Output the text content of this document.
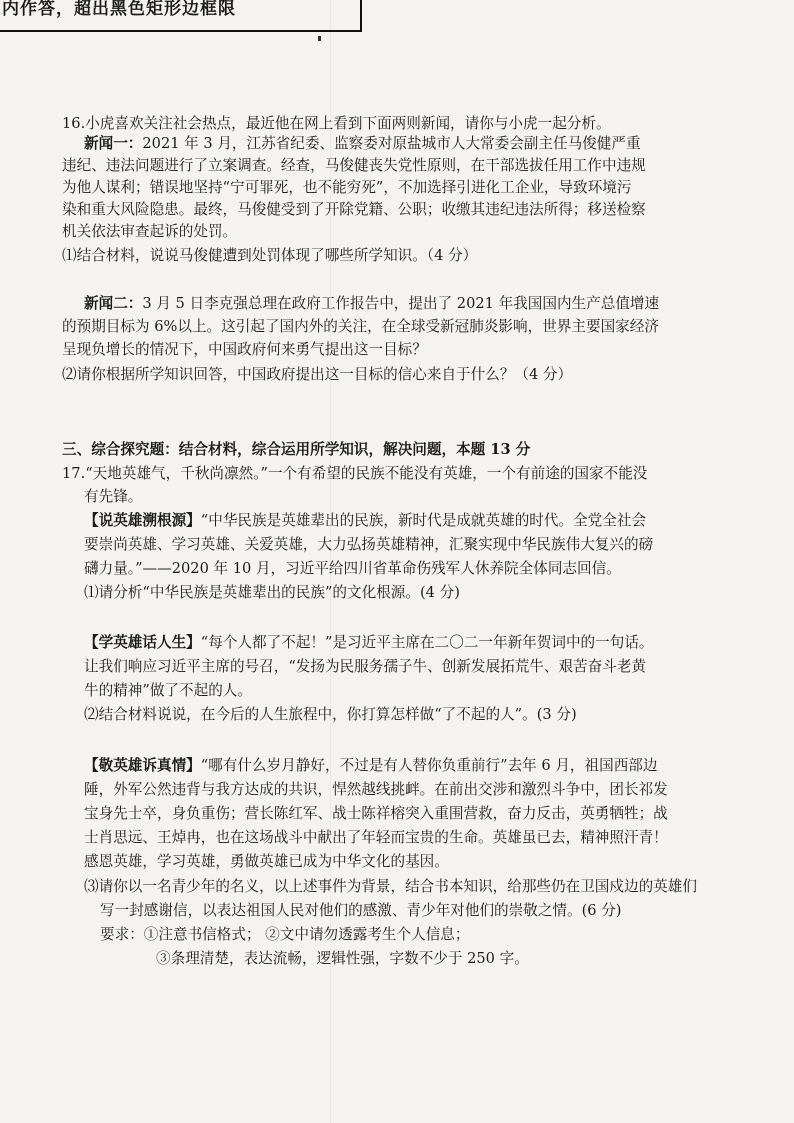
内作答，超出黑色矩形边框限
16.小虎喜欢关注社会热点，最近他在网上看到下面两则新闻，请你与小虎一起分析。
新闻一：2021 年 3 月，江苏省纪委、监察委对原盐城市人大常委会副主任马俊健严重
违纪、违法问题进行了立案调查。经查，马俊健丧失党性原则，在干部选拔任用工作中违规
为他人谋利；错误地坚持“宁可罪死，也不能穷死”，不加选择引进化工企业，导致环境污
染和重大风险隐患。最终，马俊健受到了开除党籍、公职；收缴其违纪违法所得；移送检察
机关依法审查起诉的处罚。
⑴结合材料，说说马俊健遭到处罚体现了哪些所学知识。（4 分）
新闻二：3 月 5 日李克强总理在政府工作报告中，提出了 2021 年我国国内生产总值增速
的预期目标为 6%以上。这引起了国内外的关注，在全球受新冠肺炎影响，世界主要国家经济
呈现负增长的情况下，中国政府何来勇气提出这一目标？
⑵请你根据所学知识回答，中国政府提出这一目标的信心来自于什么？（4 分）
三、综合探究题：结合材料，综合运用所学知识，解决问题，本题 13 分
17.“天地英雄气，千秋尚凛然。”一个有希望的民族不能没有英雄，一个有前途的国家不能没
有先锋。
【说英雄溯根源】“中华民族是英雄辈出的民族，新时代是成就英雄的时代。全党全社会
要崇尚英雄、学习英雄、关爱英雄，大力弘扬英雄精神，汇聚实现中华民族伟大复兴的磅
礴力量。”——2020 年 10 月，习近平给四川省革命伤残军人休养院全体同志回信。
⑴请分析“中华民族是英雄辈出的民族”的文化根源。(4 分)
【学英雄话人生】“每个人都了不起！”是习近平主席在二〇二一年新年贺词中的一句话。
让我们响应习近平主席的号召，“发扬为民服务孺子牛、创新发展拓荒牛、艰苦奋斗老黄
牛的精神”做了不起的人。
⑵结合材料说说，在今后的人生旅程中，你打算怎样做“了不起的人”。(3 分)
【敬英雄诉真情】“哪有什么岁月静好，不过是有人替你负重前行”去年 6 月，祖国西部边
陲，外军公然违背与我方达成的共识，悍然越线挑衅。在前出交涉和激烈斗争中，团长祁发
宝身先士卒，身负重伤；营长陈红军、战士陈祥榕突入重围营救，奋力反击，英勇牺牲；战
士肖思远、王焯冉，也在这场战斗中献出了年轻而宝贵的生命。英雄虽已去，精神照汗青！
感恩英雄，学习英雄，勇做英雄已成为中华文化的基因。
⑶请你以一名青少年的名义，以上述事件为背景，结合书本知识，给那些仍在卫国戍边的英雄们
写一封感谢信，以表达祖国人民对他们的感激、青少年对他们的崇敬之情。(6 分)
要求：①注意书信格式； ②文中请勿透露考生个人信息；
③条理清楚，表达流畅，逻辑性强，字数不少于 250 字。
